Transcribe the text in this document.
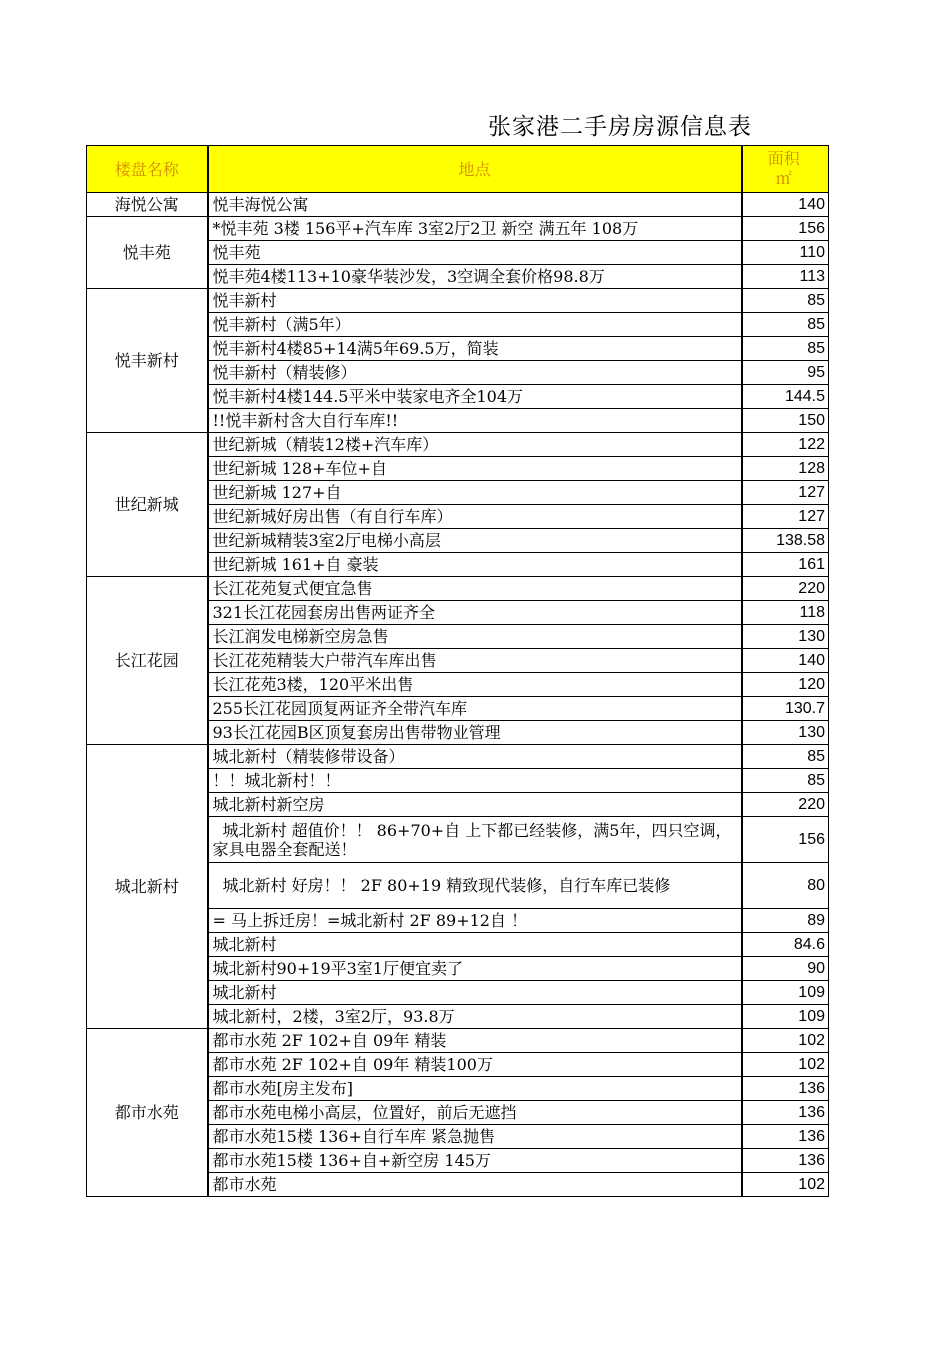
张家港二手房房源信息表
楼盘名称	地点	面积
㎡
海悦公寓	悦丰海悦公寓	140
悦丰苑	*悦丰苑 3楼 156平+汽车库 3室2厅2卫 新空 满五年 108万	156
	悦丰苑	110
	悦丰苑4楼113+10豪华装沙发，3空调全套价格98.8万	113
悦丰新村	悦丰新村	85
	悦丰新村（满5年）	85
	悦丰新村4楼85+14满5年69.5万，简装	85
	悦丰新村（精装修）	95
	悦丰新村4楼144.5平米中装家电齐全104万	144.5
	!!悦丰新村含大自行车库!!	150
世纪新城	世纪新城（精装12楼+汽车库）	122
	世纪新城 128+车位+自	128
	世纪新城 127+自	127
	世纪新城好房出售（有自行车库）	127
	世纪新城精装3室2厅电梯小高层	138.58
	世纪新城 161+自 豪装	161
长江花园	长江花苑复式便宜急售	220
	321长江花园套房出售两证齐全	118
	长江润发电梯新空房急售	130
	长江花苑精装大户带汽车库出售	140
	长江花苑3楼，120平米出售	120
	255长江花园顶复两证齐全带汽车库	130.7
	93长江花园B区顶复套房出售带物业管理	130
城北新村	城北新村（精装修带设备）	85
	！！城北新村！！	85
	城北新村新空房	220
	城北新村 超值价！！ 86+70+自 上下都已经装修，满5年，四只空调，家具电器全套配送！	156
	城北新村 好房！！ 2F 80+19 精致现代装修，自行车库已装修	80
	= 马上拆迁房！=城北新村 2F 89+12自 ！	89
	城北新村	84.6
	城北新村90+19平3室1厅便宜卖了	90
	城北新村	109
	城北新村，2楼，3室2厅，93.8万	109
都市水苑	都市水苑 2F 102+自 09年 精装	102
	都市水苑 2F 102+自 09年 精装100万	102
	都市水苑[房主发布]	136
	都市水苑电梯小高层，位置好，前后无遮挡	136
	都市水苑15楼 136+自行车库 紧急抛售	136
	都市水苑15楼 136+自+新空房 145万	136
	都市水苑	102
